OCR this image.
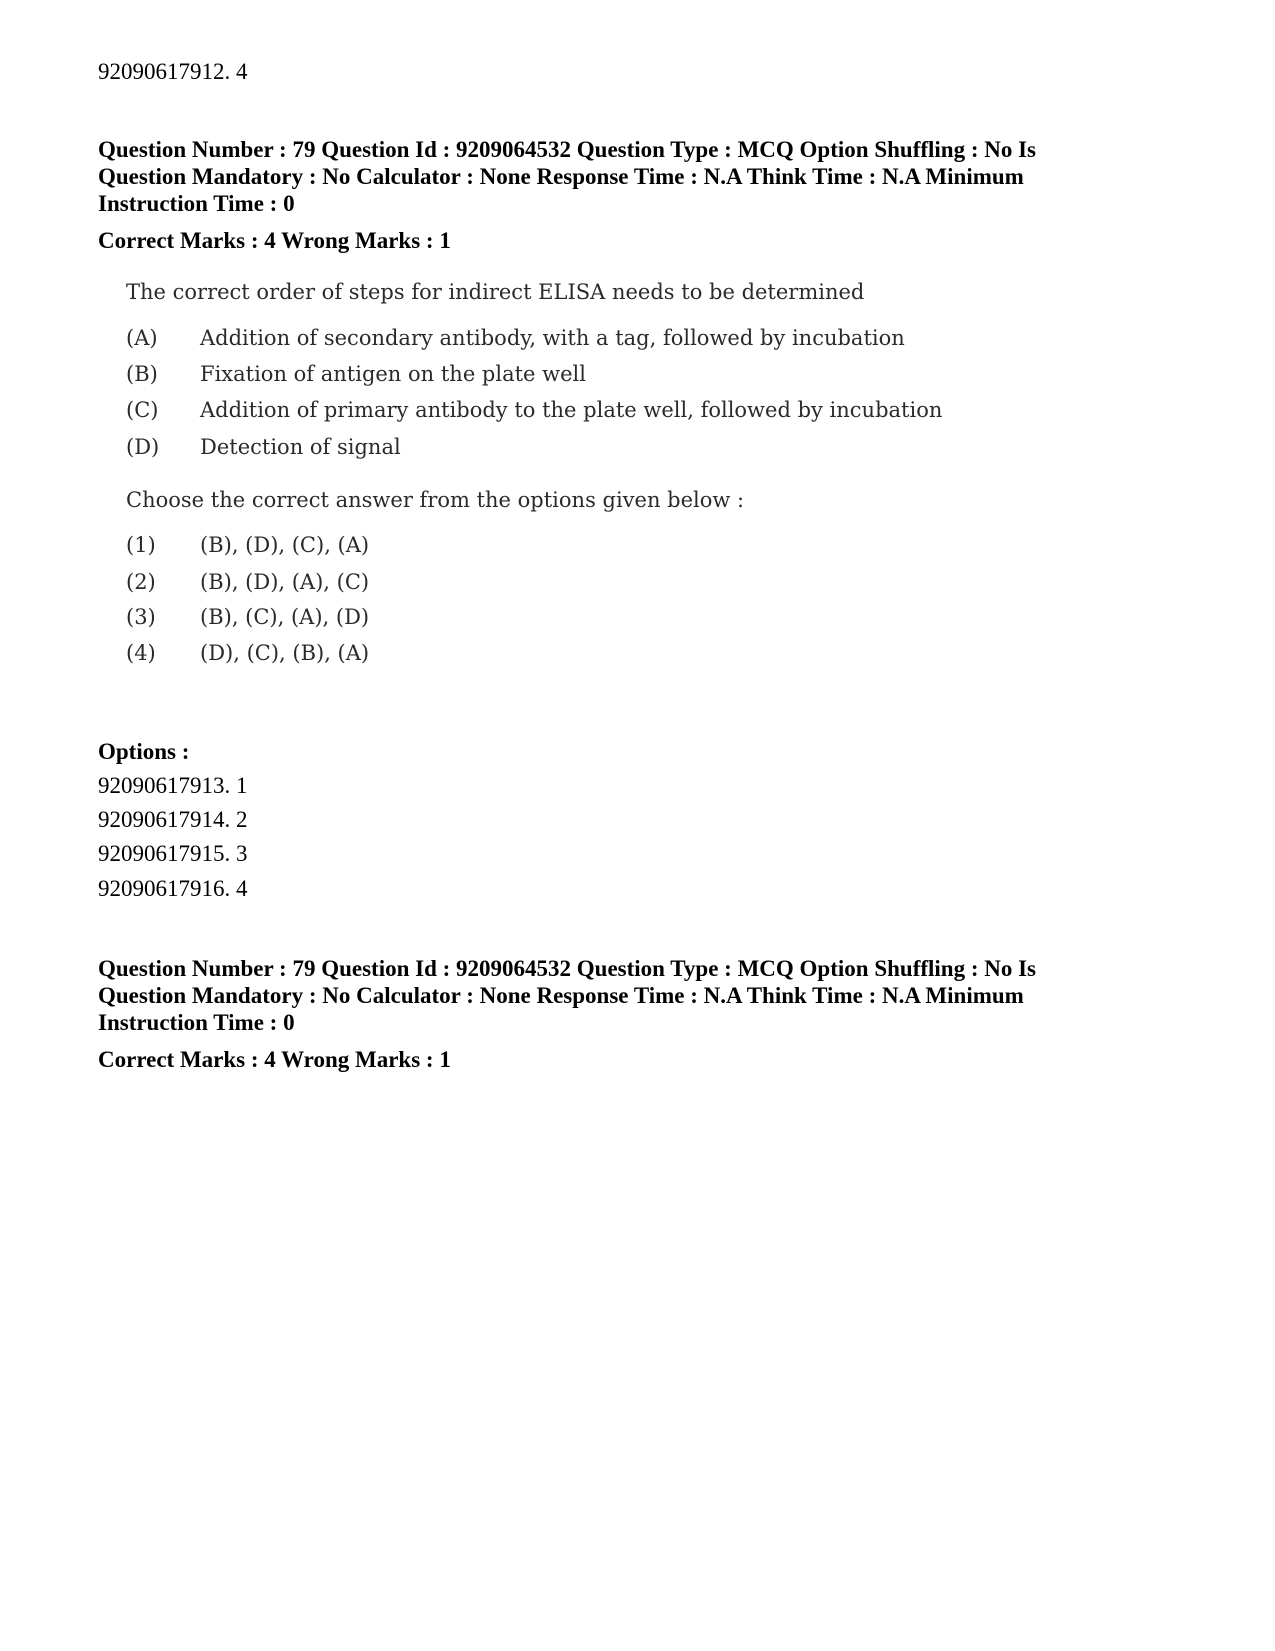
92090617912. 4
Question Number : 79 Question Id : 9209064532 Question Type : MCQ Option Shuffling : No Is
Question Mandatory : No Calculator : None Response Time : N.A Think Time : N.A Minimum
Instruction Time : 0
Correct Marks : 4 Wrong Marks : 1
The correct order of steps for indirect ELISA needs to be determined
(A) Addition of secondary antibody, with a tag, followed by incubation
(B) Fixation of antigen on the plate well
(C) Addition of primary antibody to the plate well, followed by incubation
(D) Detection of signal
Choose the correct answer from the options given below :
(1) (B), (D), (C), (A)
(2) (B), (D), (A), (C)
(3) (B), (C), (A), (D)
(4) (D), (C), (B), (A)
Options :
92090617913. 1
92090617914. 2
92090617915. 3
92090617916. 4
Question Number : 79 Question Id : 9209064532 Question Type : MCQ Option Shuffling : No Is
Question Mandatory : No Calculator : None Response Time : N.A Think Time : N.A Minimum
Instruction Time : 0
Correct Marks : 4 Wrong Marks : 1
